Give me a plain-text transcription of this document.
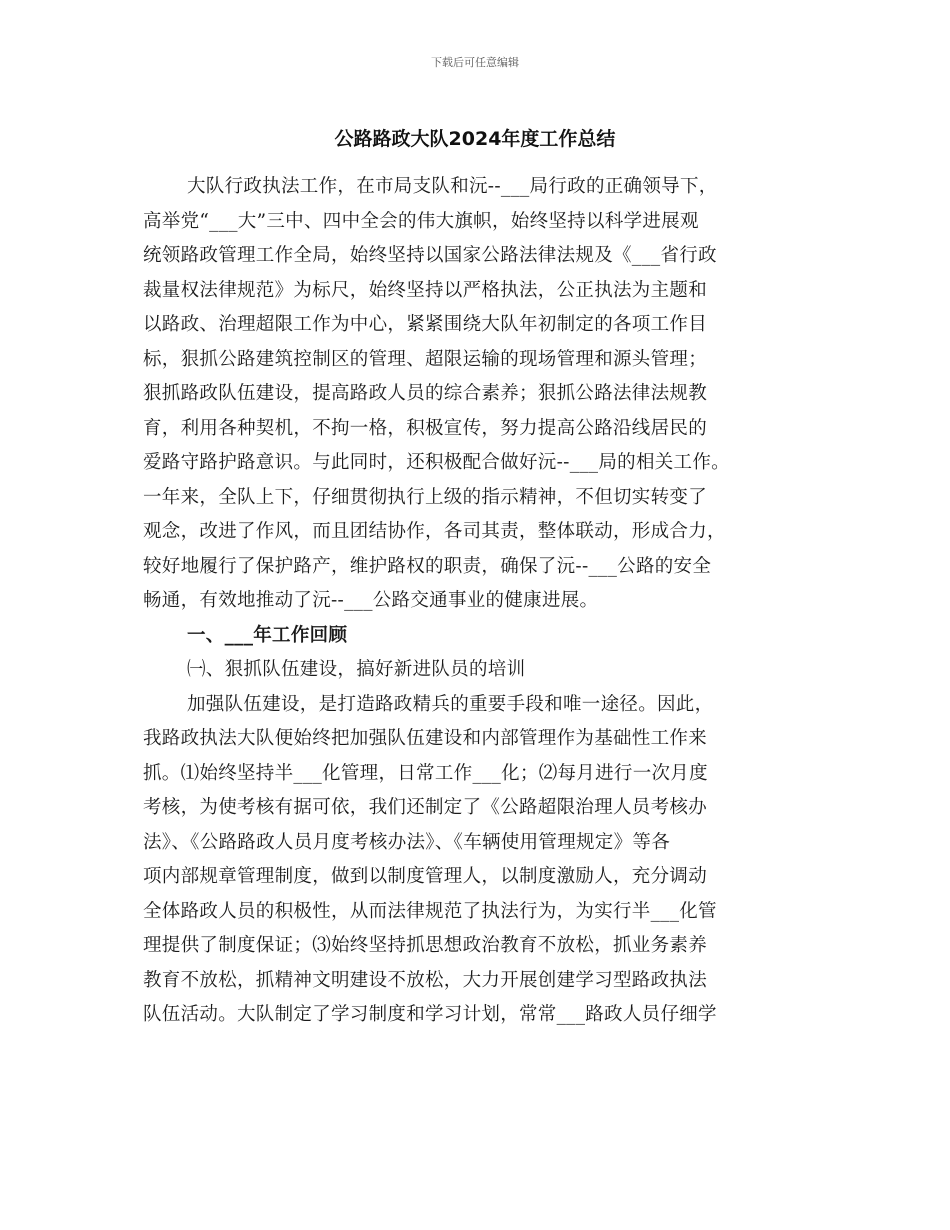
下载后可任意编辑
公路路政大队2024年度工作总结
大队行政执法工作，在市局支队和沅--___局行政的正确领导下，
高举党“___大”三中、四中全会的伟大旗帜，始终坚持以科学进展观
统领路政管理工作全局，始终坚持以国家公路法律法规及《___省行政
裁量权法律规范》为标尺，始终坚持以严格执法，公正执法为主题和
以路政、治理超限工作为中心，紧紧围绕大队年初制定的各项工作目
标，狠抓公路建筑控制区的管理、超限运输的现场管理和源头管理；
狠抓路政队伍建设，提高路政人员的综合素养；狠抓公路法律法规教
育，利用各种契机，不拘一格，积极宣传，努力提高公路沿线居民的
爱路守路护路意识。与此同时，还积极配合做好沅--___局的相关工作。
一年来，全队上下，仔细贯彻执行上级的指示精神，不但切实转变了
观念，改进了作风，而且团结协作，各司其责，整体联动，形成合力，
较好地履行了保护路产，维护路权的职责，确保了沅--___公路的安全
畅通，有效地推动了沅--___公路交通事业的健康进展。
一、___年工作回顾
㈠、狠抓队伍建设，搞好新进队员的培训
加强队伍建设，是打造路政精兵的重要手段和唯一途径。因此，
我路政执法大队便始终把加强队伍建设和内部管理作为基础性工作来
抓。⑴始终坚持半___化管理，日常工作___化；⑵每月进行一次月度
考核，为使考核有据可依，我们还制定了《公路超限治理人员考核办
法》、《公路路政人员月度考核办法》、《车辆使用管理规定》等各
项内部规章管理制度，做到以制度管理人，以制度激励人，充分调动
全体路政人员的积极性，从而法律规范了执法行为，为实行半___化管
理提供了制度保证；⑶始终坚持抓思想政治教育不放松，抓业务素养
教育不放松，抓精神文明建设不放松，大力开展创建学习型路政执法
队伍活动。大队制定了学习制度和学习计划，常常___路政人员仔细学
